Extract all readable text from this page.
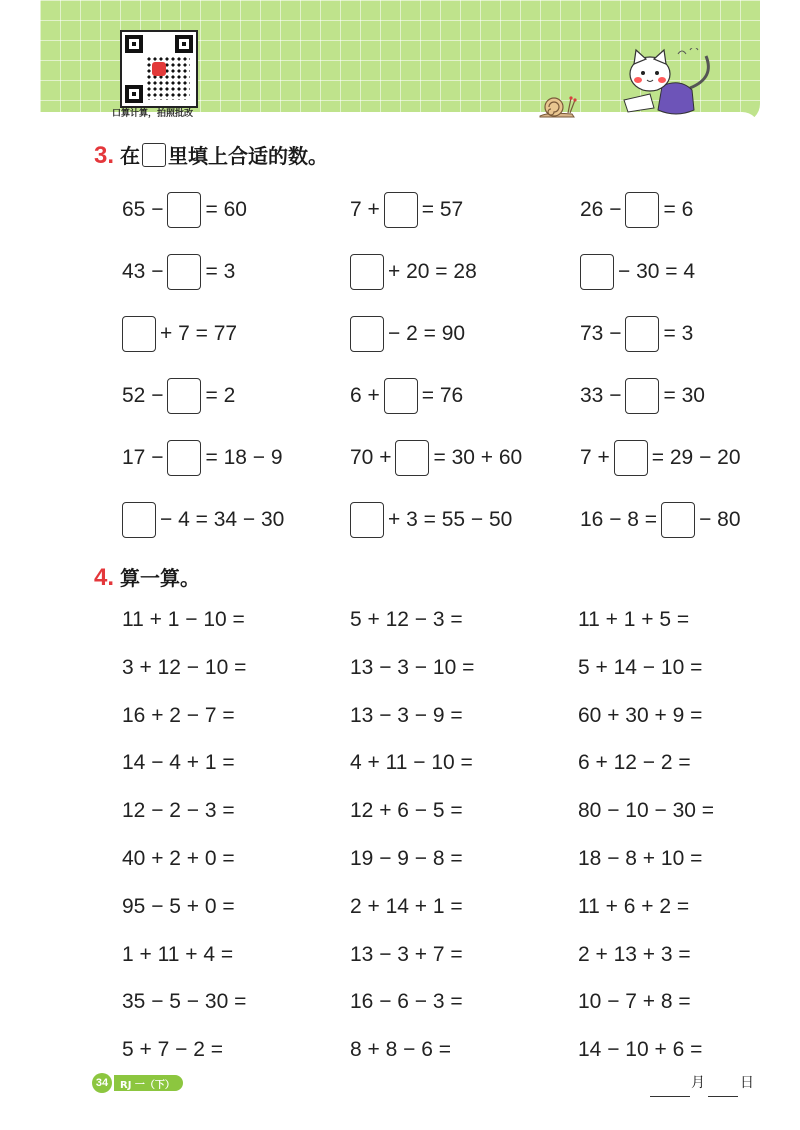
口算计算，拍照批改
3. 在 里填上合适的数。
65 − = 60	7 + = 57	26 − = 6
43 − = 3	+ 20 = 28	− 30 = 4
+ 7 = 77	− 2 = 90	73 − = 3
52 − = 2	6 + = 76	33 − = 30
17 − = 18 − 9	70 + = 30 + 60	7 + = 29 − 20
− 4 = 34 − 30	+ 3 = 55 − 50	16 − 8 = − 80
4. 算一算。
11 + 1 − 10 =	5 + 12 − 3 =	11 + 1 + 5 =
3 + 12 − 10 =	13 − 3 − 10 =	5 + 14 − 10 =
16 + 2 − 7 =	13 − 3 − 9 =	60 + 30 + 9 =
14 − 4 + 1 =	4 + 11 − 10 =	6 + 12 − 2 =
12 − 2 − 3 =	12 + 6 − 5 =	80 − 10 − 30 =
40 + 2 + 0 =	19 − 9 − 8 =	18 − 8 + 10 =
95 − 5 + 0 =	2 + 14 + 1 =	11 + 6 + 2 =
1 + 11 + 4 =	13 − 3 + 7 =	2 + 13 + 3 =
35 − 5 − 30 =	16 − 6 − 3 =	10 − 7 + 8 =
5 + 7 − 2 =	8 + 8 − 6 =	14 − 10 + 6 =
34	RJ 一（下）	月	日
